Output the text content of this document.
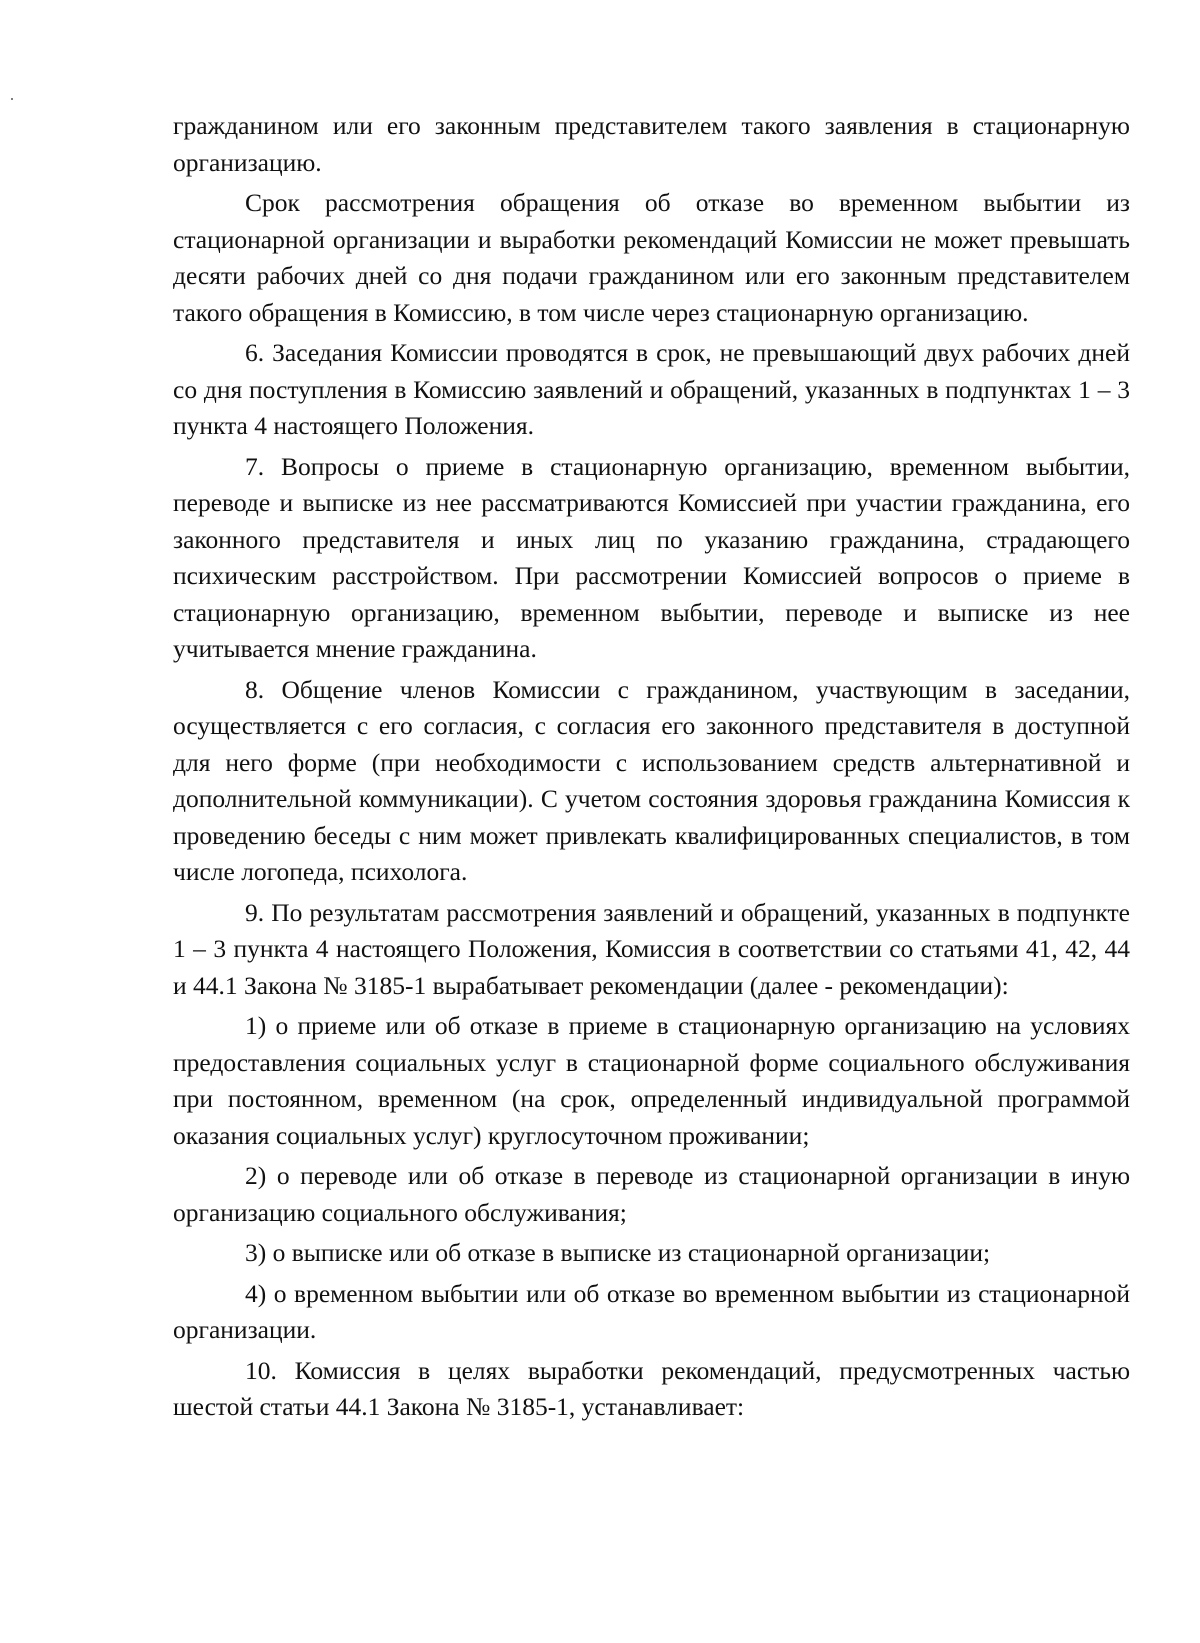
гражданином или его законным представителем такого заявления в стационарную организацию.

Срок рассмотрения обращения об отказе во временном выбытии из стационарной организации и выработки рекомендаций Комиссии не может превышать десяти рабочих дней со дня подачи гражданином или его законным представителем такого обращения в Комиссию, в том числе через стационарную организацию.

6. Заседания Комиссии проводятся в срок, не превышающий двух рабочих дней со дня поступления в Комиссию заявлений и обращений, указанных в подпунктах 1 – 3 пункта 4 настоящего Положения.

7. Вопросы о приеме в стационарную организацию, временном выбытии, переводе и выписке из нее рассматриваются Комиссией при участии гражданина, его законного представителя и иных лиц по указанию гражданина, страдающего психическим расстройством. При рассмотрении Комиссией вопросов о приеме в стационарную организацию, временном выбытии, переводе и выписке из нее учитывается мнение гражданина.

8. Общение членов Комиссии с гражданином, участвующим в заседании, осуществляется с его согласия, с согласия его законного представителя в доступной для него форме (при необходимости с использованием средств альтернативной и дополнительной коммуникации). С учетом состояния здоровья гражданина Комиссия к проведению беседы с ним может привлекать квалифицированных специалистов, в том числе логопеда, психолога.

9. По результатам рассмотрения заявлений и обращений, указанных в подпункте 1 – 3 пункта 4 настоящего Положения, Комиссия в соответствии со статьями 41, 42, 44 и 44.1 Закона № 3185-1 вырабатывает рекомендации (далее - рекомендации):

1) о приеме или об отказе в приеме в стационарную организацию на условиях предоставления социальных услуг в стационарной форме социального обслуживания при постоянном, временном (на срок, определенный индивидуальной программой оказания социальных услуг) круглосуточном проживании;

2) о переводе или об отказе в переводе из стационарной организации в иную организацию социального обслуживания;

3) о выписке или об отказе в выписке из стационарной организации;

4) о временном выбытии или об отказе во временном выбытии из стационарной организации.

10. Комиссия в целях выработки рекомендаций, предусмотренных частью шестой статьи 44.1 Закона № 3185-1, устанавливает:
